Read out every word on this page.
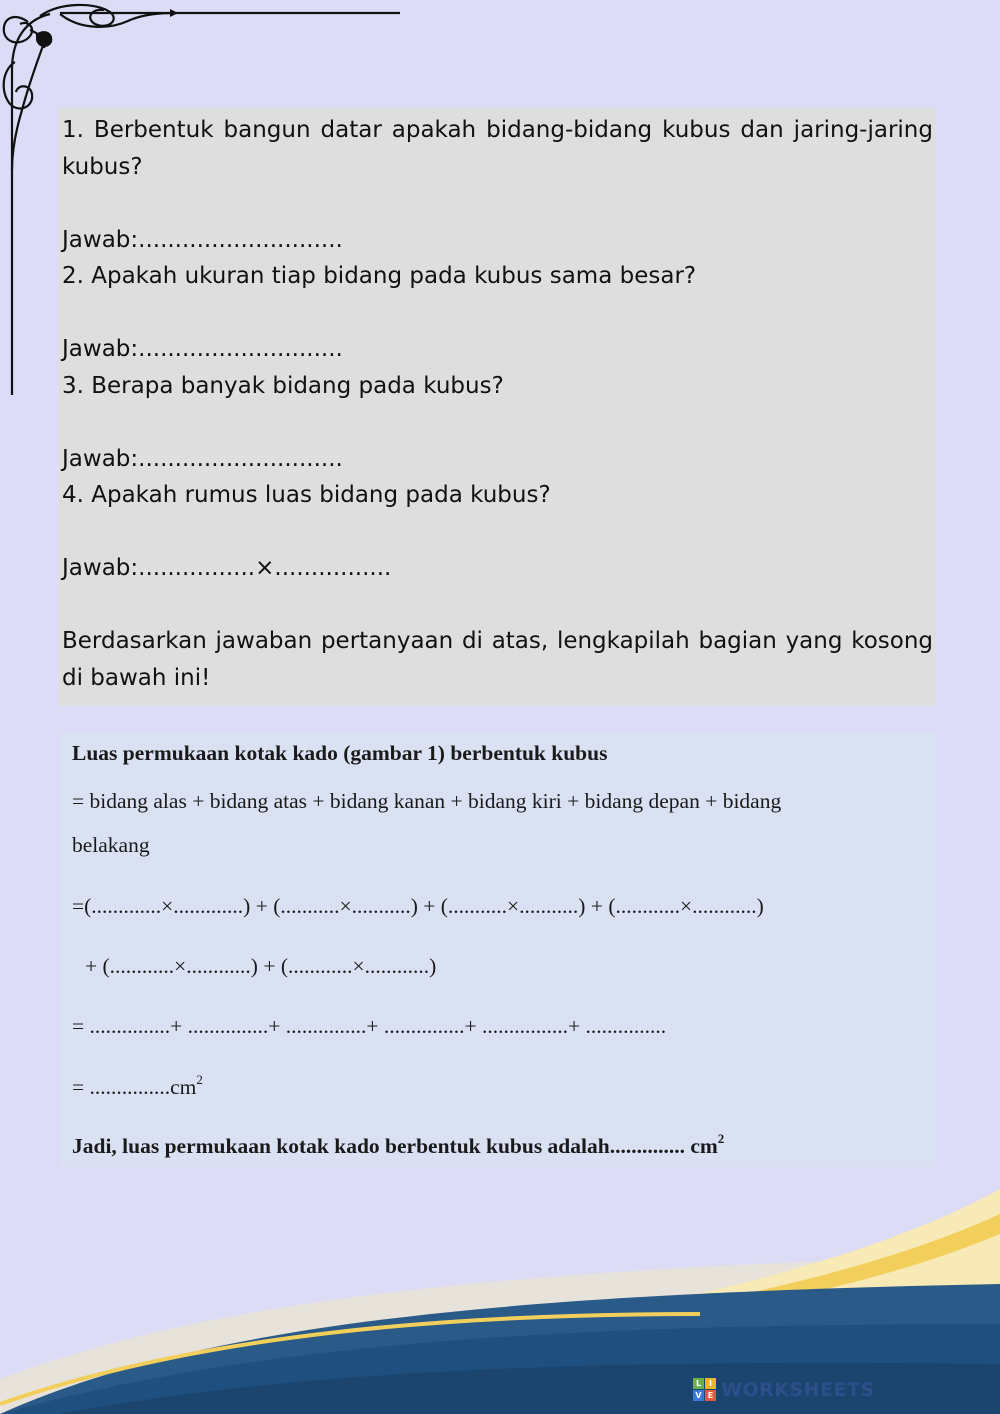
1. Berbentuk bangun datar apakah bidang-bidang kubus dan jaring-jaring kubus?

Jawab:............................

2. Apakah ukuran tiap bidang pada kubus sama besar?

Jawab:............................

3. Berapa banyak bidang pada kubus?

Jawab:............................

4. Apakah rumus luas bidang pada kubus?

Jawab:................×................

Berdasarkan jawaban pertanyaan di atas, lengkapilah bagian yang kosong di bawah ini!

Luas permukaan kotak kado (gambar 1) berbentuk kubus
= bidang alas + bidang atas + bidang kanan + bidang kiri + bidang depan + bidang
belakang
=(.............×.............) + (...........×...........) + (...........×...........) + (............×............)
+ (............×............) + (............×............)
= ...............+ ...............+ ...............+ ...............+ ................+ ...............
= $...............cm^2$
Jadi, luas permukaan kotak kado berbentuk kubus adalah.............. $cm^2$
L I
V E WORKSHEETS
